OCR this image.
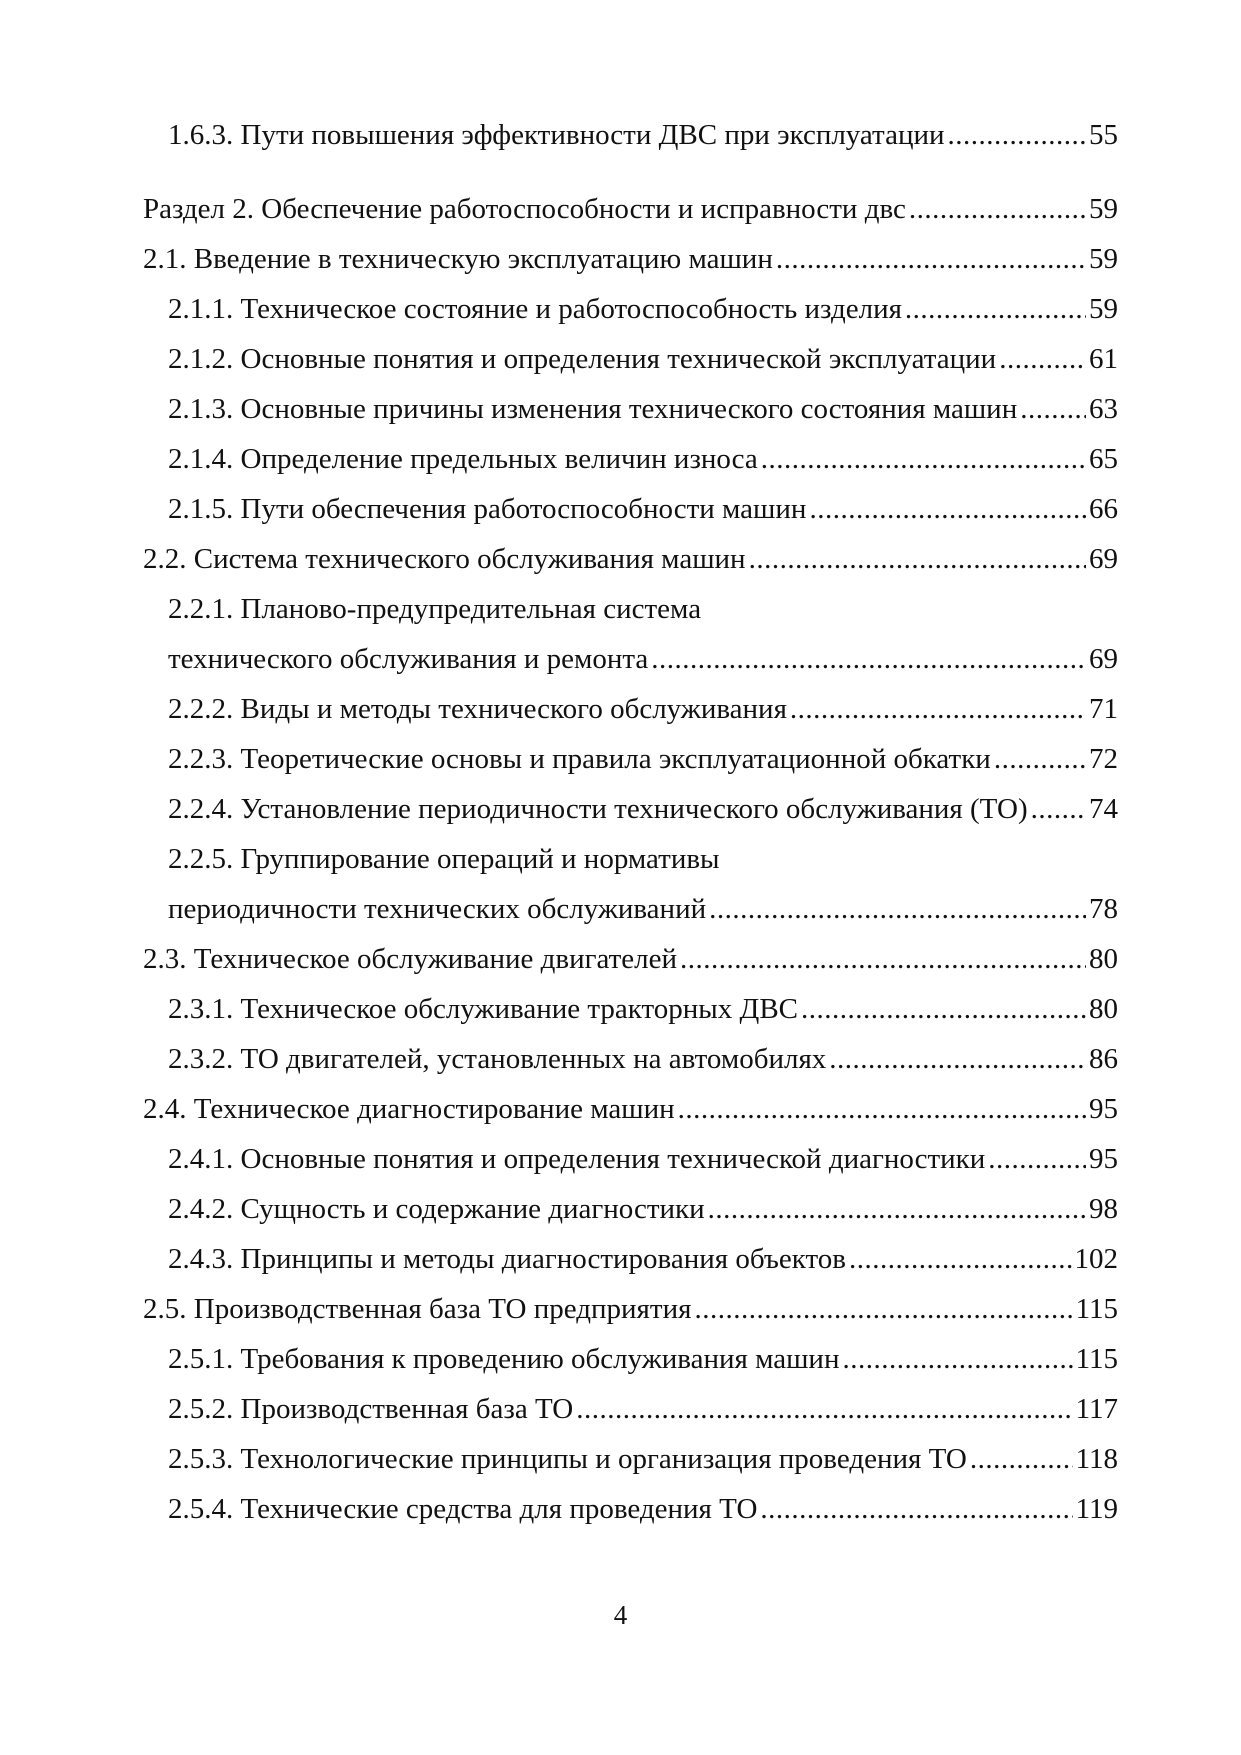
1.6.3. Пути повышения эффективности ДВС при эксплуатации .....	55
Раздел 2. Обеспечение работоспособности и исправности двс .....	59
2.1. Введение в техническую эксплуатацию машин .....	59
2.1.1. Техническое состояние и работоспособность изделия .....	59
2.1.2. Основные понятия и определения технической эксплуатации .....	61
2.1.3. Основные причины изменения технического состояния машин ..... 63
2.1.4. Определение предельных величин износа .....	65
2.1.5. Пути обеспечения работоспособности машин .....	66
2.2. Система технического обслуживания машин .....	69
2.2.1. Планово-предупредительная система
технического обслуживания и ремонта .....	69
2.2.2. Виды и методы технического обслуживания .....	71
2.2.3. Теоретические основы и правила эксплуатационной обкатки .....	72
2.2.4. Установление периодичности технического обслуживания (ТО) ..... 74
2.2.5. Группирование операций и нормативы
периодичности технических обслуживаний .....	78
2.3. Техническое обслуживание двигателей .....	80
2.3.1. Техническое обслуживание тракторных ДВС .....	80
2.3.2. ТО двигателей, установленных на автомобилях .....	86
2.4. Техническое диагностирование машин .....	95
2.4.1. Основные понятия и определения технической диагностики .....	95
2.4.2. Сущность и содержание диагностики .....	98
2.4.3. Принципы и методы диагностирования объектов .....	102
2.5. Производственная база ТО предприятия .....	115
2.5.1. Требования к проведению обслуживания машин .....	115
2.5.2. Производственная база ТО .....	117
2.5.3. Технологические принципы и организация проведения ТО .....	118
2.5.4. Технические средства для проведения ТО .....	119
4
